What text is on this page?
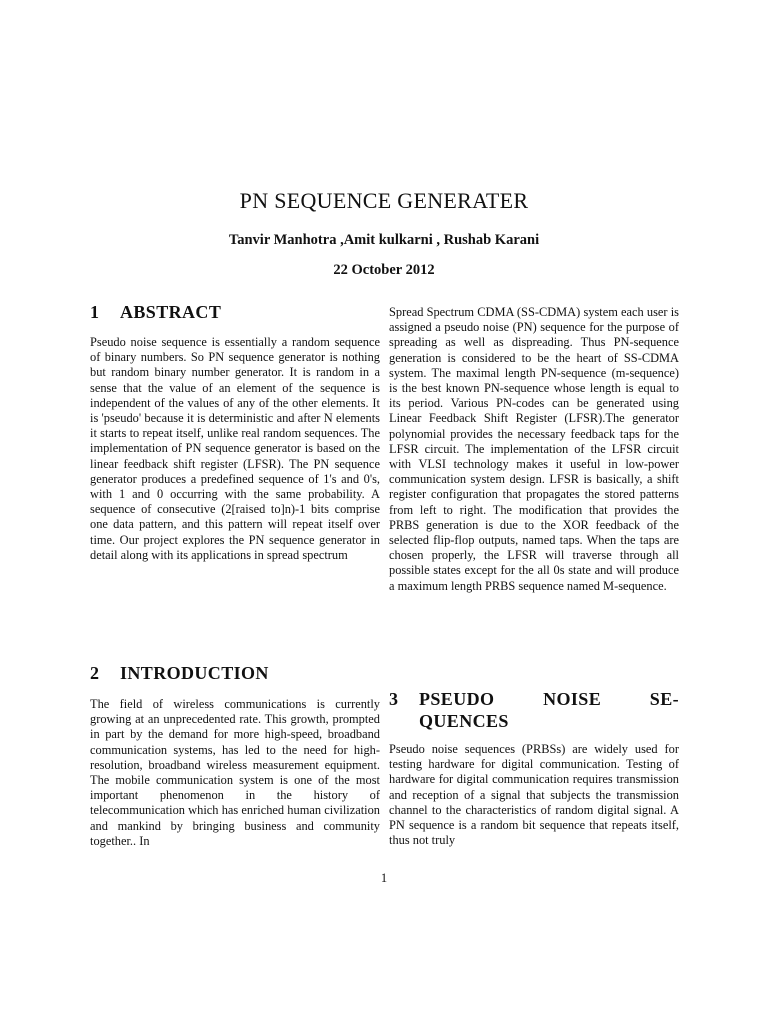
PN SEQUENCE GENERATER
Tanvir Manhotra ,Amit kulkarni , Rushab Karani
22 October 2012
1 ABSTRACT
Pseudo noise sequence is essentially a random sequence of binary numbers. So PN sequence generator is nothing but random binary number generator. It is random in a sense that the value of an element of the sequence is independent of the values of any of the other elements. It is 'pseudo' because it is deterministic and after N elements it starts to repeat itself, unlike real random sequences. The implementation of PN sequence generator is based on the linear feedback shift register (LFSR). The PN sequence generator produces a predefined sequence of 1's and 0's, with 1 and 0 occurring with the same probability. A sequence of consecutive (2[raised to]n)-1 bits comprise one data pattern, and this pattern will repeat itself over time. Our project explores the PN sequence generator in detail along with its applications in spread spectrum
Spread Spectrum CDMA (SS-CDMA) system each user is assigned a pseudo noise (PN) sequence for the purpose of spreading as well as dispreading. Thus PN-sequence generation is considered to be the heart of SS-CDMA system. The maximal length PN-sequence (m-sequence) is the best known PN-sequence whose length is equal to its period. Various PN-codes can be generated using Linear Feedback Shift Register (LFSR).The generator polynomial provides the necessary feedback taps for the LFSR circuit. The implementation of the LFSR circuit with VLSI technology makes it useful in low-power communication system design. LFSR is basically, a shift register configuration that propagates the stored patterns from left to right. The modification that provides the PRBS generation is due to the XOR feedback of the selected flip-flop outputs, named taps. When the taps are chosen properly, the LFSR will traverse through all possible states except for the all 0s state and will produce a maximum length PRBS sequence named M-sequence.
2 INTRODUCTION
The field of wireless communications is currently growing at an unprecedented rate. This growth, prompted in part by the demand for more high-speed, broadband communication systems, has led to the need for high-resolution, broadband wireless measurement equipment. The mobile communication system is one of the most important phenomenon in the history of telecommunication which has enriched human civilization and mankind by bringing business and community together.. In
3 PSEUDO NOISE SE-
QUENCES
Pseudo noise sequences (PRBSs) are widely used for testing hardware for digital communication. Testing of hardware for digital communication requires transmission and reception of a signal that subjects the transmission channel to the characteristics of random digital signal. A PN sequence is a random bit sequence that repeats itself, thus not truly
1
